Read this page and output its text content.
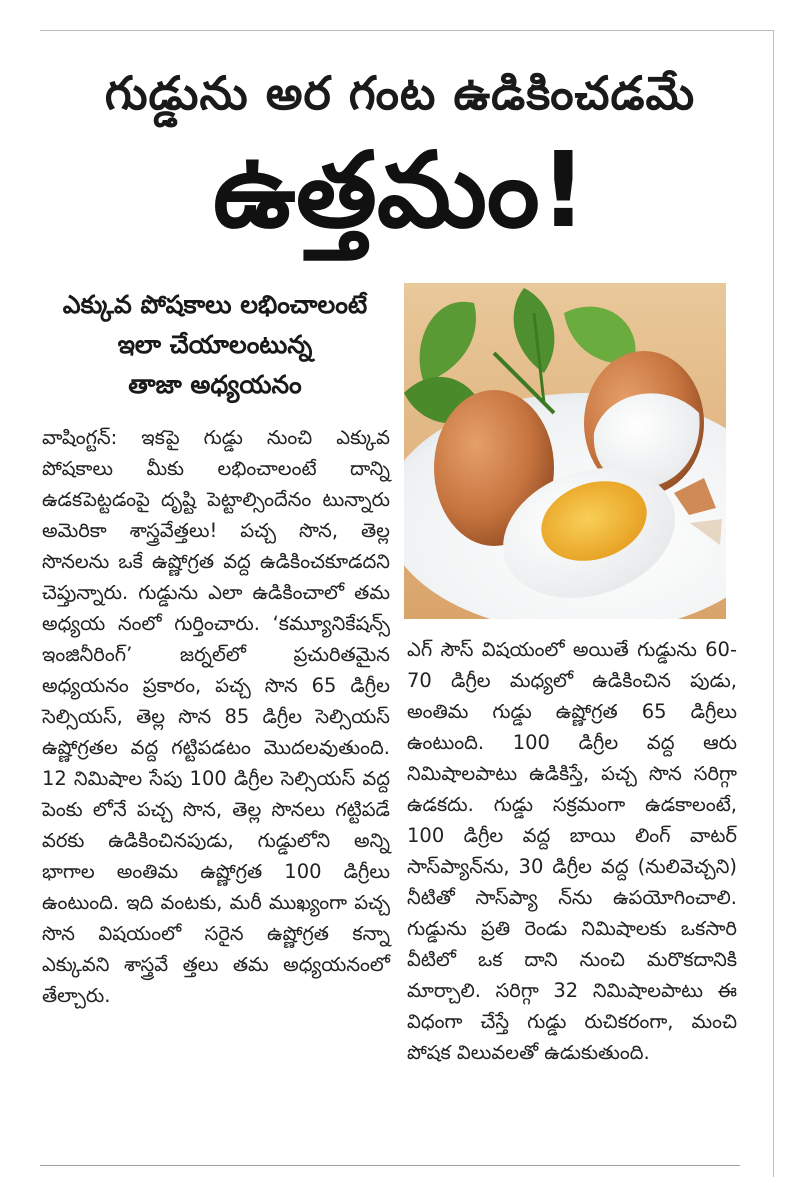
గుడ్డును అర గంట ఉడికించడమే
ఉత్తమం!
ఎక్కువ పోషకాలు లభించాలంటే
ఇలా చేయాలంటున్న
తాజా అధ్యయనం
వాషింగ్టన్: ఇకపై గుడ్డు నుంచి ఎక్కువ పోషకాలు మీకు లభించాలంటే దాన్ని ఉడకపెట్టడంపై దృష్టి పెట్టాల్సిందేనం టున్నారు అమెరికా శాస్త్రవేత్తలు! పచ్చ సొన, తెల్ల సొనలను ఒకే ఉష్ణోగ్రత వద్ద ఉడికించకూడదని చెప్తున్నారు. గుడ్డును ఎలా ఉడికించాలో తమ అధ్యయ నంలో గుర్తించారు. ‘కమ్యూనికేషన్స్ ఇంజినీరింగ్’ జర్నల్‌లో ప్రచురితమైన అధ్యయనం ప్రకారం, పచ్చ సొన 65 డిగ్రీల సెల్సియస్, తెల్ల సొన 85 డిగ్రీల సెల్సియస్ ఉష్ణోగ్రతల వద్ద గట్టిపడటం మొదలవుతుంది. 12 నిమిషాల సేపు 100 డిగ్రీల సెల్సియస్ వద్ద పెంకు లోనే పచ్చ సొన, తెల్ల సొనలు గట్టిపడే వరకు ఉడికించినపుడు, గుడ్డులోని అన్ని భాగాల అంతిమ ఉష్ణోగ్రత 100 డిగ్రీలు ఉంటుంది. ఇది వంటకు, మరీ ముఖ్యంగా పచ్చ సొన విషయంలో సరైన ఉష్ణోగ్రత కన్నా ఎక్కువని శాస్త్రవే త్తలు తమ అధ్యయనంలో తేల్చారు.
ఎగ్ సౌస్ విషయంలో అయితే గుడ్డును 60-70 డిగ్రీల మధ్యలో ఉడికించిన పుడు, అంతిమ గుడ్డు ఉష్ణోగ్రత 65 డిగ్రీలు ఉంటుంది. 100 డిగ్రీల వద్ద ఆరు నిమిషాలపాటు ఉడికిస్తే, పచ్చ సొన సరిగ్గా ఉడకదు. గుడ్డు సక్రమంగా ఉడకాలంటే, 100 డిగ్రీల వద్ద బాయి లింగ్ వాటర్ సాస్‌ప్యాన్‌ను, 30 డిగ్రీల వద్ద (నులివెచ్చని) నీటితో సాస్‌ప్యా న్‌ను ఉపయోగించాలి. గుడ్డును ప్రతి రెండు నిమిషాలకు ఒకసారి వీటిలో ఒక దాని నుంచి మరొకదానికి మార్చాలి. సరిగ్గా 32 నిమిషాలపాటు ఈ విధంగా చేస్తే గుడ్డు రుచికరంగా, మంచి పోషక విలువలతో ఉడుకుతుంది.
